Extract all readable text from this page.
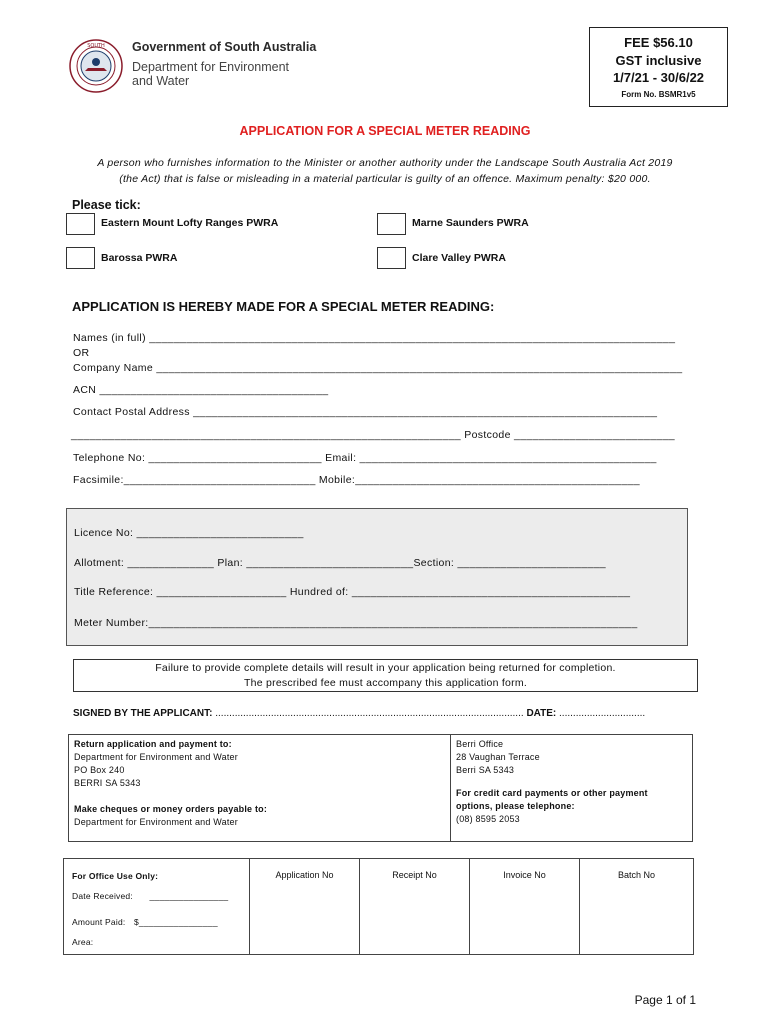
SOUTH Government of South Australia
Department for Environment
and Water
FEE $56.10
GST inclusive
1/7/21 - 30/6/22
Form No. BSMR1v5
APPLICATION FOR A SPECIAL METER READING
A person who furnishes information to the Minister or another authority under the Landscape South Australia Act 2019
(the Act) that is false or misleading in a material particular is guilty of an offence. Maximum penalty: $20 000.
Please tick:
Eastern Mount Lofty Ranges PWRA	Marne Saunders PWRA
Barossa PWRA	Clare Valley PWRA
APPLICATION IS HEREBY MADE FOR A SPECIAL METER READING:
Names (in full) _____________________________________________________________________________________
OR
Company Name _____________________________________________________________________________________
ACN _____________________________________
Contact Postal Address ___________________________________________________________________________
_______________________________________________________________ Postcode __________________________
Telephone No: ____________________________ Email: ________________________________________________
Facsimile:_______________________________ Mobile:______________________________________________
Licence No: ___________________________
Allotment: ______________ Plan: ___________________________Section: ________________________
Title Reference: _____________________ Hundred of: _____________________________________________
Meter Number:_______________________________________________________________________________
Failure to provide complete details will result in your application being returned for completion.
The prescribed fee must accompany this application form.
SIGNED BY THE APPLICANT: ............................................................................................................... DATE: ...............................
Return application and payment to:
Department for Environment and Water
PO Box 240
BERRI SA 5343
Make cheques or money orders payable to:
Department for Environment and Water
Berri Office
28 Vaughan Terrace
Berri SA 5343
For credit card payments or other payment
options, please telephone:
(08) 8595 2053
For Office Use Only:
Date Received: ________________
Amount Paid: $________________
Area:
Application No	Receipt No	Invoice No	Batch No
Page 1 of 1
